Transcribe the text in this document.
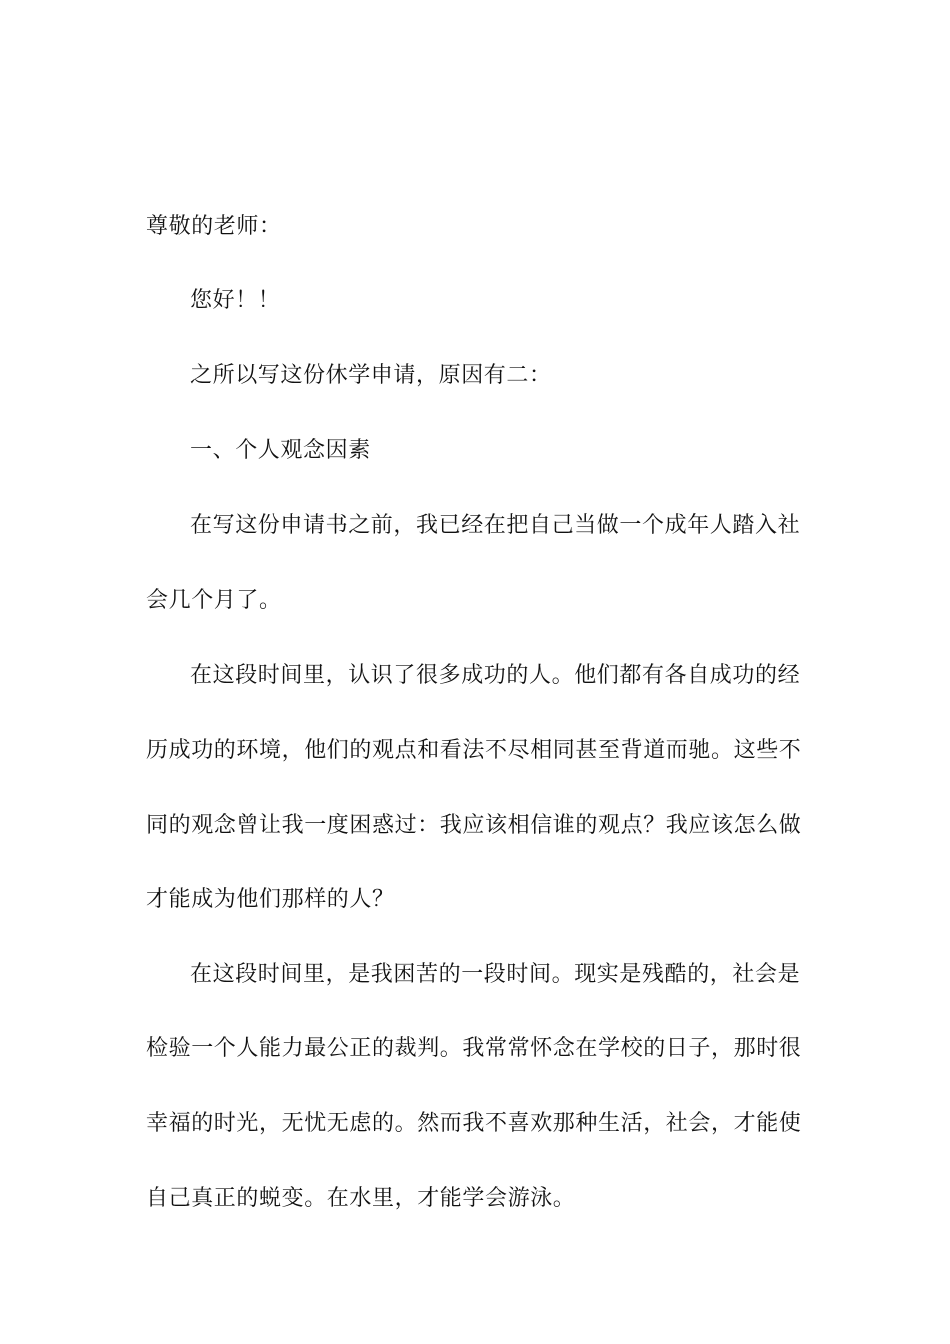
尊敬的老师：
您好！！
之所以写这份休学申请，原因有二：
一、个人观念因素
在写这份申请书之前，我已经在把自己当做一个成年人踏入社
会几个月了。
在这段时间里，认识了很多成功的人。他们都有各自成功的经
历成功的环境，他们的观点和看法不尽相同甚至背道而驰。这些不
同的观念曾让我一度困惑过：我应该相信谁的观点？我应该怎么做
才能成为他们那样的人？
在这段时间里，是我困苦的一段时间。现实是残酷的，社会是
检验一个人能力最公正的裁判。我常常怀念在学校的日子，那时很
幸福的时光，无忧无虑的。然而我不喜欢那种生活，社会，才能使
自己真正的蜕变。在水里，才能学会游泳。
